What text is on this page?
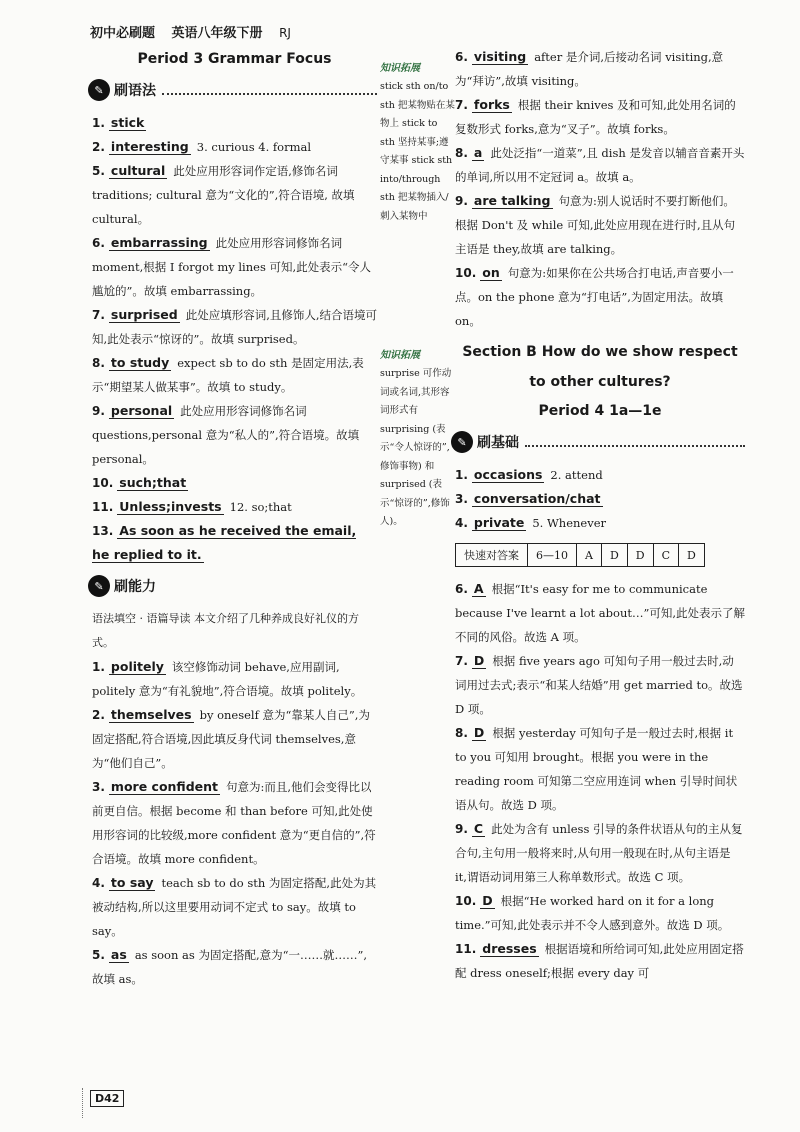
初中必刷题 英语八年级下册 RJ
Period 3 Grammar Focus
✎ 刷语法
1. stick
2. interesting 3. curious 4. formal
5. cultural 此处应用形容词作定语,修饰名词 traditions; cultural 意为“文化的”,符合语境, 故填 cultural。
6. embarrassing 此处应用形容词修饰名词 moment,根据 I forgot my lines 可知,此处表示“令人尴尬的”。故填 embarrassing。
7. surprised 此处应填形容词,且修饰人,结合语境可知,此处表示“惊讶的”。故填 surprised。
8. to study expect sb to do sth 是固定用法,表示“期望某人做某事”。故填 to study。
9. personal 此处应用形容词修饰名词 questions,personal 意为“私人的”,符合语境。故填 personal。
10. such;that
11. Unless;invests 12. so;that
13. As soon as he received the email, he replied to it.
✎ 刷能力
语法填空 · 语篇导读 本文介绍了几种养成良好礼仪的方式。
1. politely 该空修饰动词 behave,应用副词, politely 意为“有礼貌地”,符合语境。故填 politely。
2. themselves by oneself 意为“靠某人自己”,为固定搭配,符合语境,因此填反身代词 themselves,意为“他们自己”。
3. more confident 句意为:而且,他们会变得比以前更自信。根据 become 和 than before 可知,此处使用形容词的比较级,more confident 意为“更自信的”,符合语境。故填 more confident。
4. to say teach sb to do sth 为固定搭配,此处为其被动结构,所以这里要用动词不定式 to say。故填 to say。
5. as as soon as 为固定搭配,意为“一……就……”,故填 as。
知识拓展
stick sth on/to sth 把某物贴在某物上 stick to sth 坚持某事;遵守某事 stick sth into/through sth 把某物插入/刺入某物中
知识拓展
surprise 可作动词或名词,其形容词形式有 surprising (表示“令人惊讶的”,修饰事物) 和 surprised (表示“惊讶的”,修饰人)。
6. visiting after 是介词,后接动名词 visiting,意为“拜访”,故填 visiting。
7. forks 根据 their knives 及和可知,此处用名词的复数形式 forks,意为“叉子”。故填 forks。
8. a 此处泛指“一道菜”,且 dish 是发音以辅音音素开头的单词,所以用不定冠词 a。故填 a。
9. are talking 句意为:别人说话时不要打断他们。根据 Don't 及 while 可知,此处应用现在进行时,且从句主语是 they,故填 are talking。
10. on 句意为:如果你在公共场合打电话,声音要小一点。on the phone 意为“打电话”,为固定用法。故填 on。
Section B How do we show respect to other cultures?
Period 4 1a—1e
✎ 刷基础
1. occasions 2. attend
3. conversation/chat
4. private 5. Whenever
快速对答案	6—10	A	D	D	C	D
6. A 根据“It's easy for me to communicate because I've learnt a lot about…”可知,此处表示了解不同的风俗。故选 A 项。
7. D 根据 five years ago 可知句子用一般过去时,动词用过去式;表示“和某人结婚”用 get married to。故选 D 项。
8. D 根据 yesterday 可知句子是一般过去时,根据 it to you 可知用 brought。根据 you were in the reading room 可知第二空应用连词 when 引导时间状语从句。故选 D 项。
9. C 此处为含有 unless 引导的条件状语从句的主从复合句,主句用一般将来时,从句用一般现在时,从句主语是 it,谓语动词用第三人称单数形式。故选 C 项。
10. D 根据“He worked hard on it for a long time.”可知,此处表示并不令人感到意外。故选 D 项。
11. dresses 根据语境和所给词可知,此处应用固定搭配 dress oneself;根据 every day 可
D42
